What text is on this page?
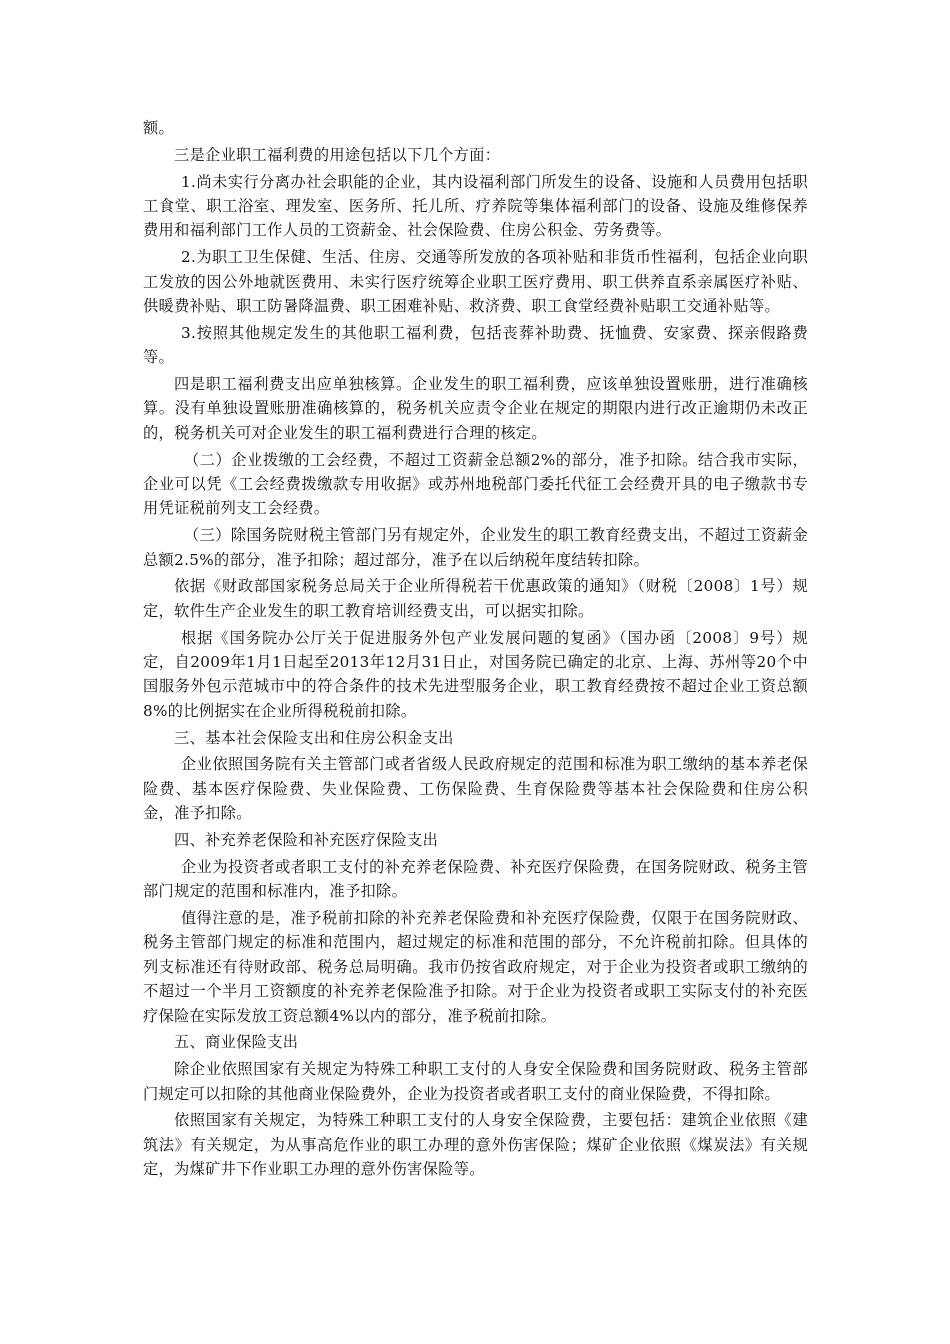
额。

三是企业职工福利费的用途包括以下几个方面：

1.尚未实行分离办社会职能的企业，其内设福利部门所发生的设备、设施和人员费用包括职工食堂、职工浴室、理发室、医务所、托儿所、疗养院等集体福利部门的设备、设施及维修保养费用和福利部门工作人员的工资薪金、社会保险费、住房公积金、劳务费等。

2.为职工卫生保健、生活、住房、交通等所发放的各项补贴和非货币性福利，包括企业向职工发放的因公外地就医费用、未实行医疗统筹企业职工医疗费用、职工供养直系亲属医疗补贴、供暖费补贴、职工防暑降温费、职工困难补贴、救济费、职工食堂经费补贴职工交通补贴等。

3.按照其他规定发生的其他职工福利费，包括丧葬补助费、抚恤费、安家费、探亲假路费等。

四是职工福利费支出应单独核算。企业发生的职工福利费，应该单独设置账册，进行准确核算。没有单独设置账册准确核算的，税务机关应责令企业在规定的期限内进行改正逾期仍未改正的，税务机关可对企业发生的职工福利费进行合理的核定。

（二）企业拨缴的工会经费，不超过工资薪金总额2%的部分，准予扣除。结合我市实际，企业可以凭《工会经费拨缴款专用收据》或苏州地税部门委托代征工会经费开具的电子缴款书专用凭证税前列支工会经费。

（三）除国务院财税主管部门另有规定外，企业发生的职工教育经费支出，不超过工资薪金总额2.5%的部分，准予扣除；超过部分，准予在以后纳税年度结转扣除。

依据《财政部国家税务总局关于企业所得税若干优惠政策的通知》（财税〔2008〕1号）规定，软件生产企业发生的职工教育培训经费支出，可以据实扣除。

根据《国务院办公厅关于促进服务外包产业发展问题的复函》（国办函〔2008〕9号）规定，自2009年1月1日起至2013年12月31日止，对国务院已确定的北京、上海、苏州等20个中国服务外包示范城市中的符合条件的技术先进型服务企业，职工教育经费按不超过企业工资总额8%的比例据实在企业所得税税前扣除。

三、基本社会保险支出和住房公积金支出

企业依照国务院有关主管部门或者省级人民政府规定的范围和标准为职工缴纳的基本养老保险费、基本医疗保险费、失业保险费、工伤保险费、生育保险费等基本社会保险费和住房公积金，准予扣除。

四、补充养老保险和补充医疗保险支出

企业为投资者或者职工支付的补充养老保险费、补充医疗保险费，在国务院财政、税务主管部门规定的范围和标准内，准予扣除。

值得注意的是，准予税前扣除的补充养老保险费和补充医疗保险费，仅限于在国务院财政、税务主管部门规定的标准和范围内，超过规定的标准和范围的部分，不允许税前扣除。但具体的列支标准还有待财政部、税务总局明确。我市仍按省政府规定，对于企业为投资者或职工缴纳的不超过一个半月工资额度的补充养老保险准予扣除。对于企业为投资者或职工实际支付的补充医疗保险在实际发放工资总额4%以内的部分，准予税前扣除。

五、商业保险支出

除企业依照国家有关规定为特殊工种职工支付的人身安全保险费和国务院财政、税务主管部门规定可以扣除的其他商业保险费外，企业为投资者或者职工支付的商业保险费，不得扣除。

依照国家有关规定，为特殊工种职工支付的人身安全保险费，主要包括：建筑企业依照《建筑法》有关规定，为从事高危作业的职工办理的意外伤害保险；煤矿企业依照《煤炭法》有关规定，为煤矿井下作业职工办理的意外伤害保险等。
